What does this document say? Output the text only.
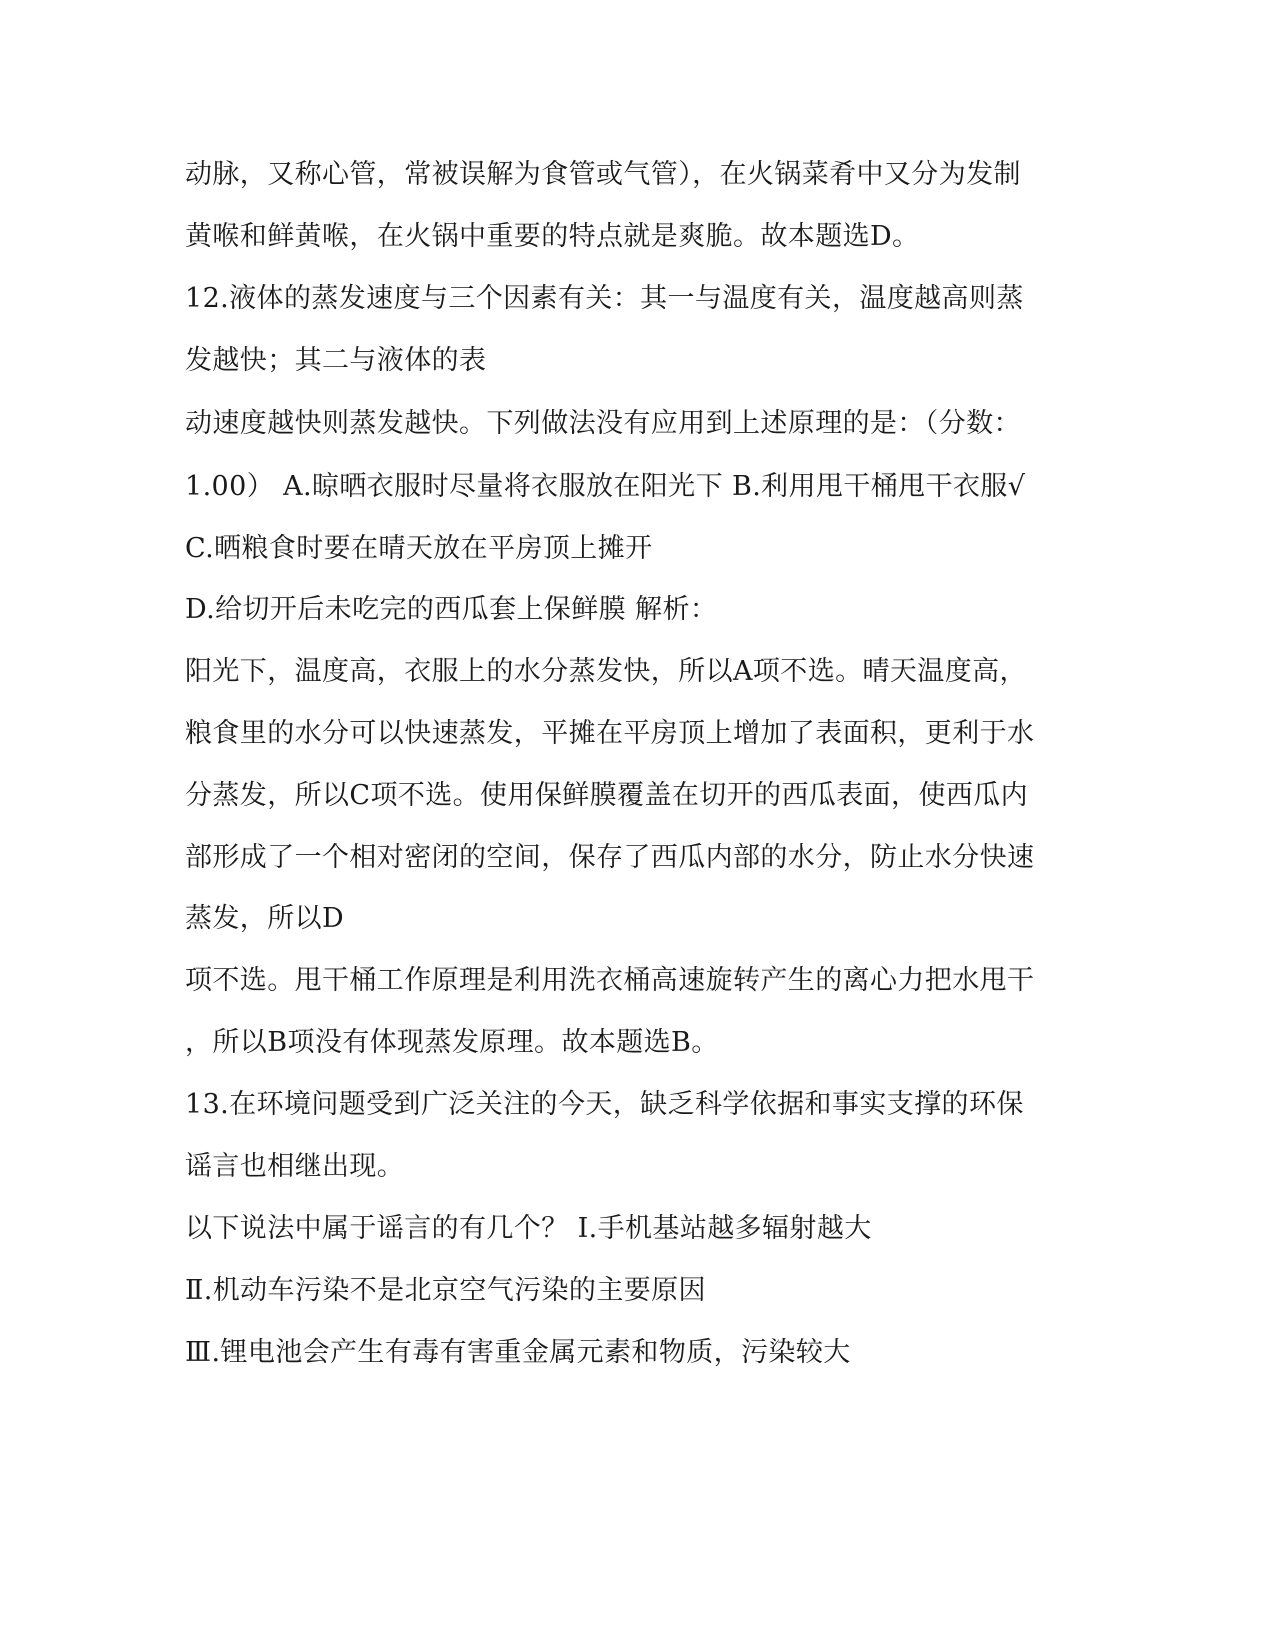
动脉，又称心管，常被误解为食管或气管），在火锅菜肴中又分为发制
黄喉和鲜黄喉，在火锅中重要的特点就是爽脆。故本题选D。
12.液体的蒸发速度与三个因素有关：其一与温度有关，温度越高则蒸
发越快；其二与液体的表
动速度越快则蒸发越快。下列做法没有应用到上述原理的是：（分数：
1.00） A.晾晒衣服时尽量将衣服放在阳光下 B.利用甩干桶甩干衣服√
C.晒粮食时要在晴天放在平房顶上摊开
D.给切开后未吃完的西瓜套上保鲜膜 解析：
阳光下，温度高，衣服上的水分蒸发快，所以A项不选。晴天温度高，
粮食里的水分可以快速蒸发，平摊在平房顶上增加了表面积，更利于水
分蒸发，所以C项不选。使用保鲜膜覆盖在切开的西瓜表面，使西瓜内
部形成了一个相对密闭的空间，保存了西瓜内部的水分，防止水分快速
蒸发，所以D
项不选。甩干桶工作原理是利用洗衣桶高速旋转产生的离心力把水甩干
，所以B项没有体现蒸发原理。故本题选B。
13.在环境问题受到广泛关注的今天，缺乏科学依据和事实支撑的环保
谣言也相继出现。
以下说法中属于谣言的有几个？ Ⅰ.手机基站越多辐射越大
Ⅱ.机动车污染不是北京空气污染的主要原因
Ⅲ.锂电池会产生有毒有害重金属元素和物质，污染较大
